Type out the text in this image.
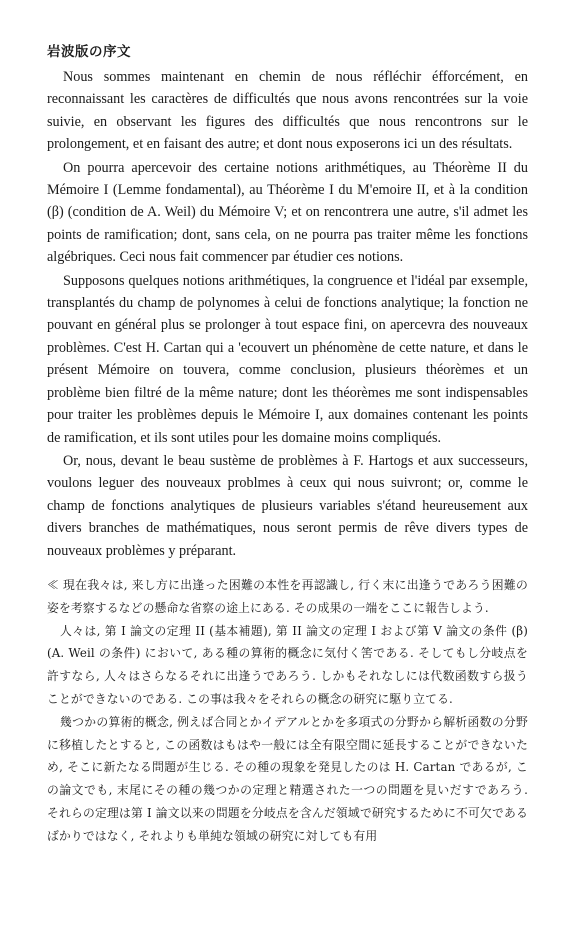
岩波版の序文

Nous sommes maintenant en chemin de nous réfléchir éfforcément, en reconnaissant les caractères de difficultés que nous avons rencontrées sur la voie suivie, en observant les figures des difficultés que nous rencontrons sur le prolongement, et en faisant des autre; et dont nous exposerons ici un des résultats.

On pourra apercevoir des certaine notions arithmétiques, au Théorème II du Mémoire I (Lemme fondamental), au Théorème I du M'emoire II, et à la condition (β) (condition de A. Weil) du Mémoire V; et on rencontrera une autre, s'il admet les points de ramification; dont, sans cela, on ne pourra pas traiter même les fonctions algébriques. Ceci nous fait commencer par étudier ces notions.

Supposons quelques notions arithmétiques, la congruence et l'idéal par exsemple, transplantés du champ de polynomes à celui de fonctions analytique; la fonction ne pouvant en général plus se prolonger à tout espace fini, on apercevra des nouveaux problèmes. C'est H. Cartan qui a 'ecouvert un phénomène de cette nature, et dans le présent Mémoire on touvera, comme conclusion, plusieurs théorèmes et un problème bien filtré de la même nature; dont les théorèmes me sont indispensables pour traiter les problèmes depuis le Mémoire I, aux domaines contenant les points de ramification, et ils sont utiles pour les domaine moins compliqués.

Or, nous, devant le beau sustème de problèmes à F. Hartogs et aux successeurs, voulons leguer des nouveaux problmes à ceux qui nous suivront; or, comme le champ de fonctions analytiques de plusieurs variables s'étand heureusement aux divers branches de mathématiques, nous seront permis de rêve divers types de nouveaux problèmes y préparant.

≪ 現在我々は, 来し方に出逢った困難の本性を再認識し, 行く末に出逢うであろう困難の姿を考察するなどの懸命な省察の途上にある. その成果の一端をここに報告しよう.

人々は, 第 I 論文の定理 II (基本補題), 第 II 論文の定理 I および第 V 論文の条件 (β) (A. Weil の条件) において, ある種の算術的概念に気付く筈である. そしてもし分岐点を許すなら, 人々はさらなるそれに出逢うであろう. しかもそれなしには代数函数すら扱うことができないのである. この事は我々をそれらの概念の研究に駆り立てる.

幾つかの算術的概念, 例えば合同とかイデアルとかを多項式の分野から解析函数の分野に移植したとすると, この函数はもはや一般には全有限空間に延長することができないため, そこに新たなる問題が生じる. その種の現象を発見したのは H. Cartan であるが, この論文でも, 末尾にその種の幾つかの定理と精選された一つの問題を見いだすであろう. それらの定理は第 I 論文以来の問題を分岐点を含んだ領域で研究するために不可欠であるばかりではなく, それよりも単純な領域の研究に対しても有用
